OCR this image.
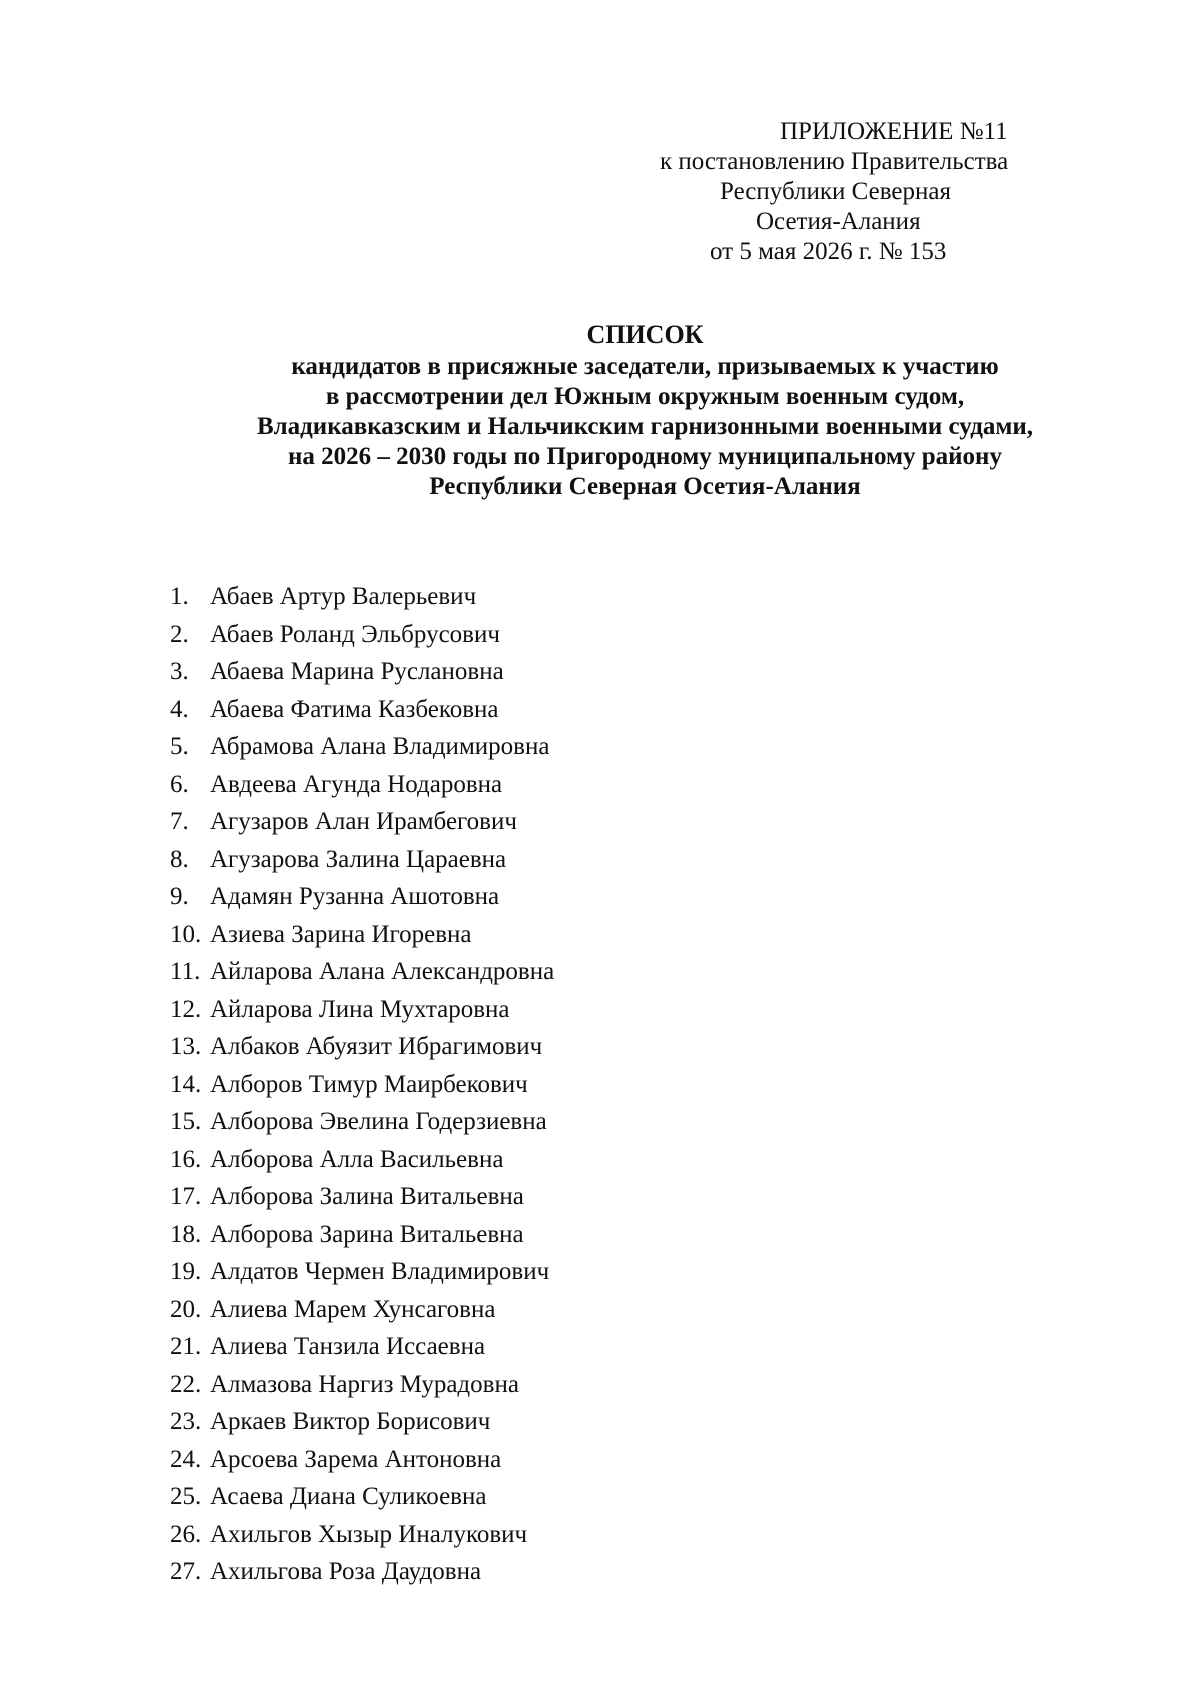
ПРИЛОЖЕНИЕ №11
к постановлению Правительства
Республики Северная
Осетия-Алания
от 5 мая 2026 г. № 153
СПИСОК
кандидатов в присяжные заседатели, призываемых к участию
в рассмотрении дел Южным окружным военным судом,
Владикавказским и Нальчикским гарнизонными военными судами,
на 2026 – 2030 годы по Пригородному муниципальному району
Республики Северная Осетия-Алания
1. Абаев Артур Валерьевич
2. Абаев Роланд Эльбрусович
3. Абаева Марина Руслановна
4. Абаева Фатима Казбековна
5. Абрамова Алана Владимировна
6. Авдеева Агунда Нодаровна
7. Агузаров Алан Ирамбегович
8. Агузарова Залина Цараевна
9. Адамян Рузанна Ашотовна
10. Азиева Зарина Игоревна
11. Айларова Алана Александровна
12. Айларова Лина Мухтаровна
13. Албаков Абуязит Ибрагимович
14. Алборов Тимур Маирбекович
15. Алборова Эвелина Годерзиевна
16. Алборова Алла Васильевна
17. Алборова Залина Витальевна
18. Алборова Зарина Витальевна
19. Алдатов Чермен Владимирович
20. Алиева Марем Хунсаговна
21. Алиева Танзила Иссаевна
22. Алмазова Наргиз Мурадовна
23. Аркаев Виктор Борисович
24. Арсоева Зарема Антоновна
25. Асаева Диана Суликоевна
26. Ахильгов Хызыр Иналукович
27. Ахильгова Роза Даудовна
